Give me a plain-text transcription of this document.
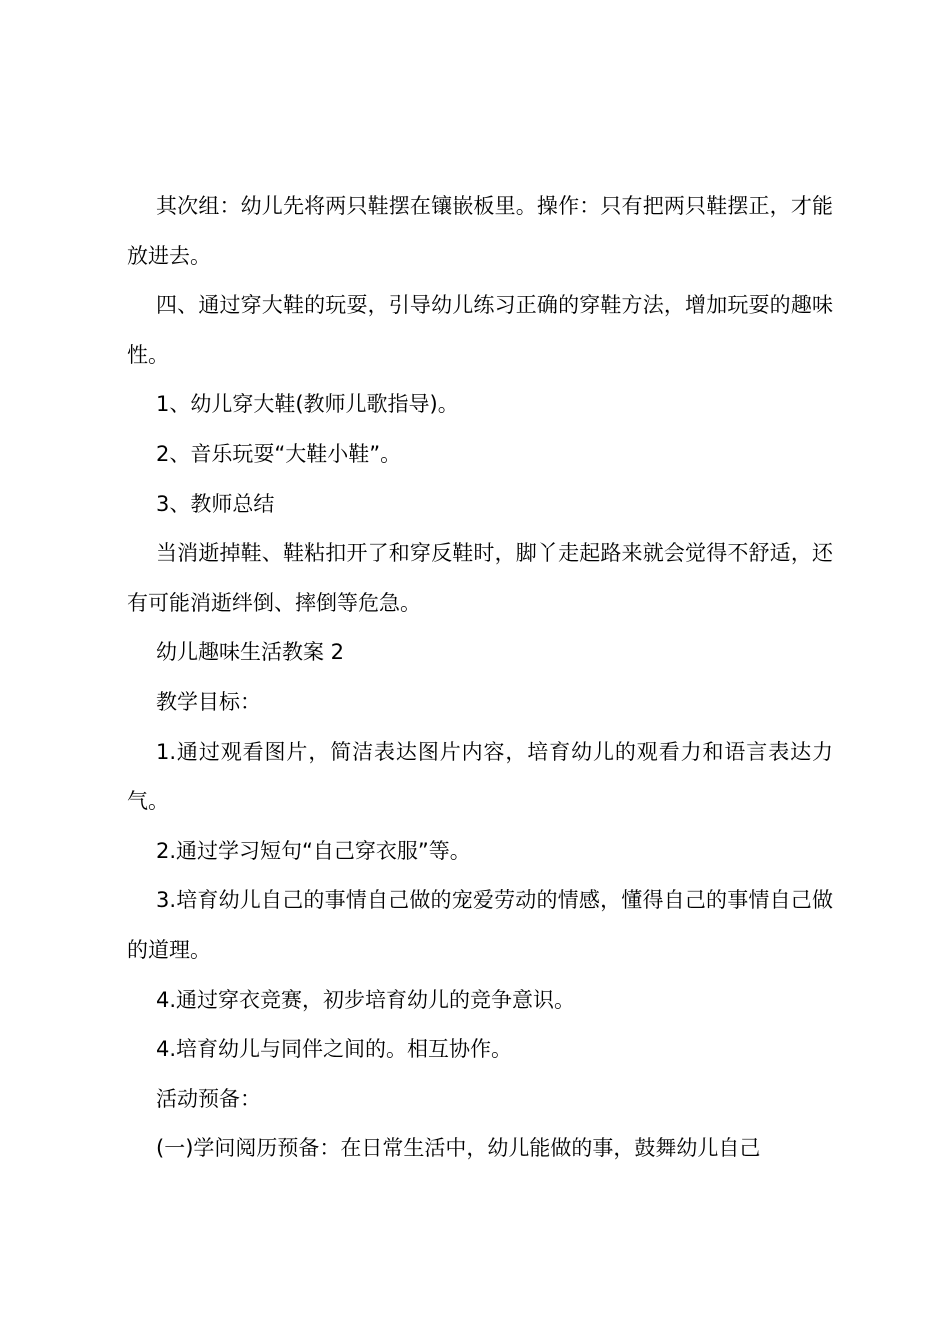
其次组：幼儿先将两只鞋摆在镶嵌板里。操作：只有把两只鞋摆正，才能放进去。

四、通过穿大鞋的玩耍，引导幼儿练习正确的穿鞋方法，增加玩耍的趣味性。

1、幼儿穿大鞋(教师儿歌指导)。

2、音乐玩耍“大鞋小鞋”。

3、教师总结

当消逝掉鞋、鞋粘扣开了和穿反鞋时，脚丫走起路来就会觉得不舒适，还有可能消逝绊倒、摔倒等危急。

幼儿趣味生活教案 2

教学目标：

1.通过观看图片，简洁表达图片内容，培育幼儿的观看力和语言表达力气。

2.通过学习短句“自己穿衣服”等。

3.培育幼儿自己的事情自己做的宠爱劳动的情感，懂得自己的事情自己做的道理。

4.通过穿衣竞赛，初步培育幼儿的竞争意识。

4.培育幼儿与同伴之间的。相互协作。

活动预备：

(一)学问阅历预备：在日常生活中，幼儿能做的事，鼓舞幼儿自己
